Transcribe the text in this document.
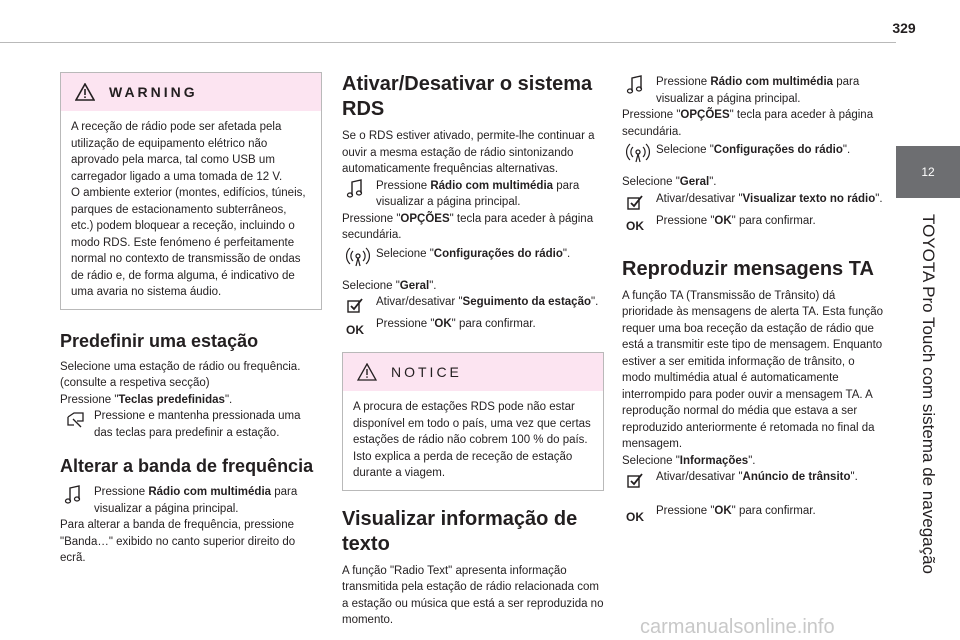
329
12
TOYOTA Pro Touch com sistema de navegação
WARNING

A receção de rádio pode ser afetada pela utilização de equipamento elétrico não aprovado pela marca, tal como USB um carregador ligado a uma tomada de 12 V.

O ambiente exterior (montes, edifícios, túneis, parques de estacionamento subterrâneos, etc.) podem bloquear a receção, incluindo o modo RDS. Este fenómeno é perfeitamente normal no contexto de transmissão de ondas de rádio e, de forma alguma, é indicativo de uma avaria no sistema áudio.

Predefinir uma estação

Selecione uma estação de rádio ou frequência.

(consulte a respetiva secção)

Pressione "Teclas predefinidas".

Pressione e mantenha pressionada uma das teclas para predefinir a estação.
Alterar a banda de frequência
Pressione Rádio com multimédia para visualizar a página principal.

Para alterar a banda de frequência, pressione "Banda…" exibido no canto superior direito do ecrã.

Ativar/Desativar o sistema RDS

Se o RDS estiver ativado, permite-lhe continuar a ouvir a mesma estação de rádio sintonizando automaticamente frequências alternativas.

Pressione Rádio com multimédia para visualizar a página principal.

Pressione "OPÇÕES" tecla para aceder à página secundária.

Selecione "Configurações do rádio".

Selecione "Geral".

Ativar/desativar "Seguimento da estação".
OK	Pressione "OK" para confirmar.
NOTICE

A procura de estações RDS pode não estar disponível em todo o país, uma vez que certas estações de rádio não cobrem 100 % do país. Isto explica a perda de receção de estação durante a viagem.

Visualizar informação de texto

A função "Radio Text" apresenta informação transmitida pela estação de rádio relacionada com a estação ou música que está a ser reproduzida no momento.

Pressione Rádio com multimédia para visualizar a página principal.

Pressione "OPÇÕES" tecla para aceder à página secundária.

Selecione "Configurações do rádio".

Selecione "Geral".

Ativar/desativar "Visualizar texto no rádio".
OK	Pressione "OK" para confirmar.
Reproduzir mensagens TA

A função TA (Transmissão de Trânsito) dá prioridade às mensagens de alerta TA. Esta função requer uma boa receção da estação de rádio que está a transmitir este tipo de mensagem. Enquanto estiver a ser emitida informação de trânsito, o modo multimédia atual é automaticamente interrompido para poder ouvir a mensagem TA. A reprodução normal do média que estava a ser reproduzido anteriormente é retomada no final da mensagem.

Selecione "Informações".

Ativar/desativar "Anúncio de trânsito".
OK	Pressione "OK" para confirmar.
carmanualsonline.info
